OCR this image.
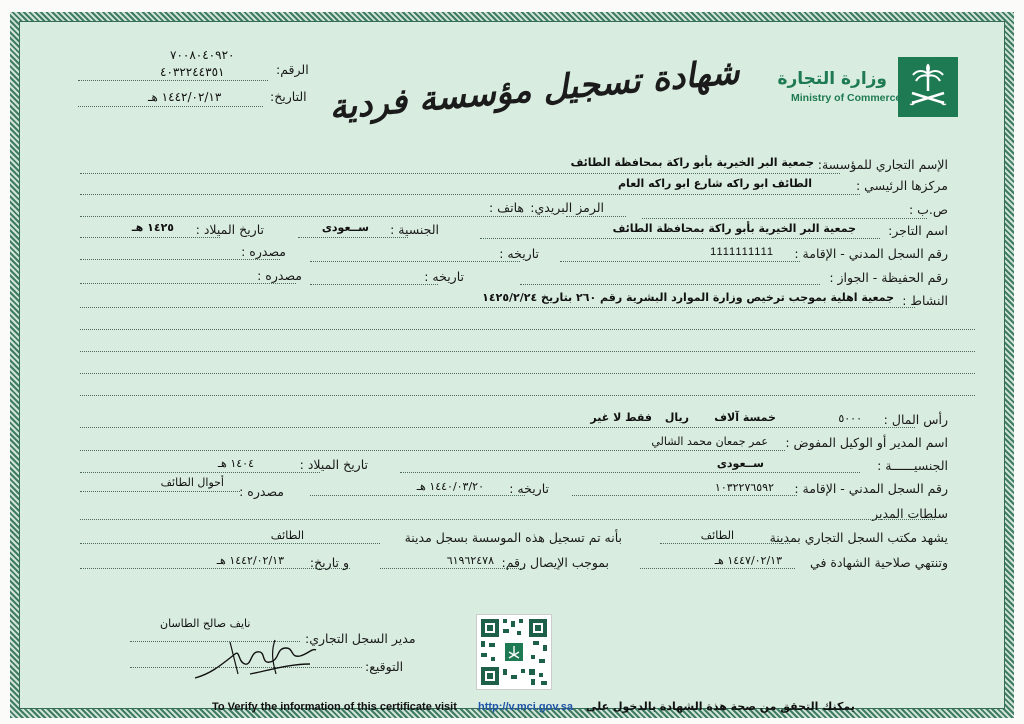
وزارة التجارة
Ministry of Commerce
شهادة تسجيل مؤسسة فردية
٧٠٠٨٠٤٠٩٢٠
الرقم:
٤٠٣٢٢٤٤٣٥١
التاريخ:
١٤٤٢/٠٢/١٣ هـ
الإسم التجاري للمؤسسة:
جمعية البر الخيرية بأبو راكة بمحافظة الطائف
مركزها الرئيسي :
الطائف ابو راكه شارع ابو راكه العام
ص.ب :
الرمز البريدي:
هاتف :
اسم التاجر:
جمعية البر الخيرية بأبو راكة بمحافظة الطائف
الجنسية :
ســعودى
تاريخ الميلاد :
١٤٢٥ هـ
رقم السجل المدني - الإقامة :
1111111111
تاريخه :
مصدره :
رقم الحفيظة - الجواز :
تاريخه :
مصدره :
النشاط :
جمعية اهلية بموجب ترخيص وزارة الموارد البشرية رقم ٢٦٠ بتاريخ ١٤٢٥/٢/٢٤
رأس المال :
٥٠٠٠
خمسة آلاف
ريال
فقط لا غير
اسم المدير أو الوكيل المفوض :
عمر جمعان محمد الشالي
الجنسيــــــة :
ســعودى
تاريخ الميلاد :
١٤٠٤ هـ
رقم السجل المدني - الإقامة :
١٠٣٢٢٧٦٥٩٢
تاريخه :
١٤٤٠/٠٣/٢٠ هـ
مصدره :
أحوال الطائف
سلطات المدير
يشهد مكتب السجل التجاري بمدينة
الطائف
بأنه تم تسجيل هذه الموسسة بسجل مدينة
الطائف
وتنتهي صلاحية الشهادة في
١٤٤٧/٠٢/١٣ هـ
بموجب الإيصال رقم:
٦١٩٦٢٤٧٨
و تاريخ:
١٤٤٢/٠٢/١٣ هـ
نايف صالح الطاسان
مدير السجل التجاري:
التوقيع:
To Verify the information of this certificate visit http://v.mci.gov.sa يمكنك التحقق من صحة هذة الشهادة بالدخول على
